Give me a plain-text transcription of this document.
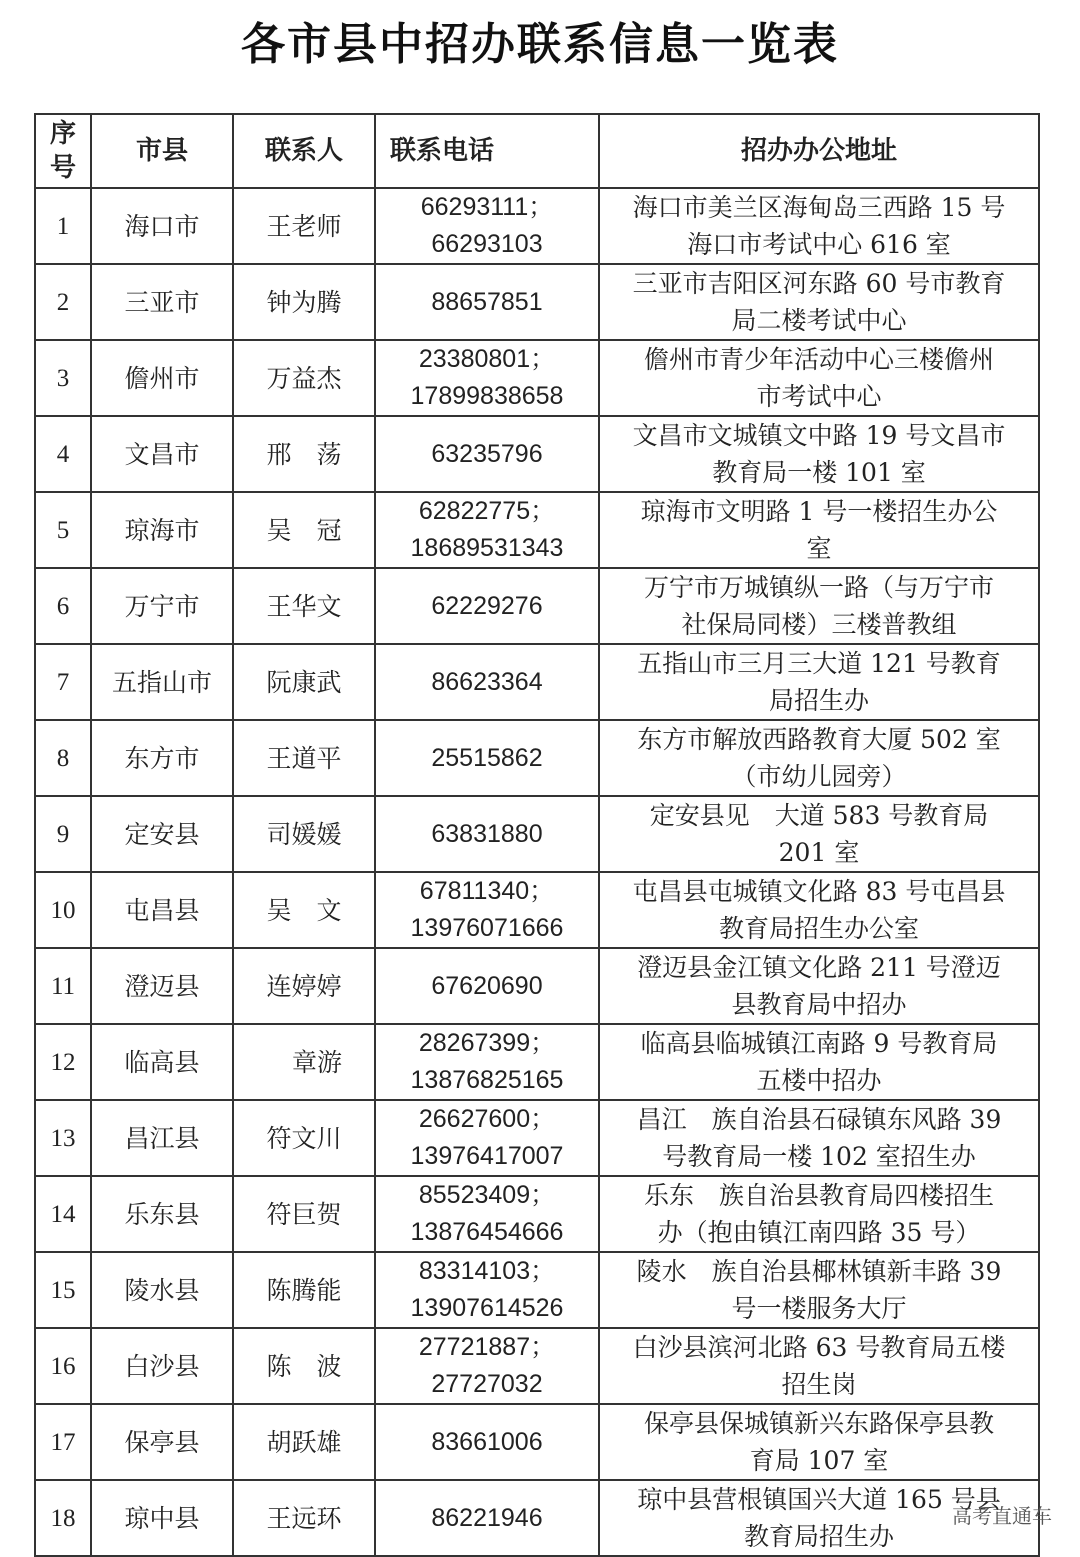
各市县中招办联系信息一览表
序
号	市县	联系人	联系电话	招办办公地址
1	海口市	王老师	66293111；
66293103	海口市美兰区海甸岛三西路 15 号
海口市考试中心 616 室

2	三亚市	钟为腾	88657851	三亚市吉阳区河东路 60 号市教育
局二楼考试中心

3	儋州市	万益杰	23380801；
17899838658	儋州市青少年活动中心三楼儋州
市考试中心

4	文昌市	邢　荡	63235796	文昌市文城镇文中路 19 号文昌市
教育局一楼 101 室

5	琼海市	吴　冠	62822775；
18689531343	琼海市文明路 1 号一楼招生办公
室

6	万宁市	王华文	62229276	万宁市万城镇纵一路（与万宁市
社保局同楼）三楼普教组

7	五指山市	阮康武	86623364	五指山市三月三大道 121 号教育
局招生办

8	东方市	王道平	25515862	东方市解放西路教育大厦 502 室
（市幼儿园旁）

9	定安县	司媛媛	63831880	定安县见　大道 583 号教育局
201 室

10	屯昌县	吴　文	67811340；
13976071666	屯昌县屯城镇文化路 83 号屯昌县
教育局招生办公室

11	澄迈县	连婷婷	67620690	澄迈县金江镇文化路 211 号澄迈
县教育局中招办

12	临高县	章游	28267399；
13876825165	临高县临城镇江南路 9 号教育局
五楼中招办

13	昌江县	符文川	26627600；
13976417007	昌江　族自治县石碌镇东风路 39
号教育局一楼 102 室招生办

14	乐东县	符巨贺	85523409；
13876454666	乐东　族自治县教育局四楼招生
办（抱由镇江南四路 35 号）

15	陵水县	陈腾能	83314103；
13907614526	陵水　族自治县椰林镇新丰路 39
号一楼服务大厅

16	白沙县	陈　波	27721887；
27727032	白沙县滨河北路 63 号教育局五楼
招生岗

17	保亭县	胡跃雄	83661006	保亭县保城镇新兴东路保亭县教
育局 107 室

18	琼中县	王远环	86221946	琼中县营根镇国兴大道 165 号县
教育局招生办
高考直通车
